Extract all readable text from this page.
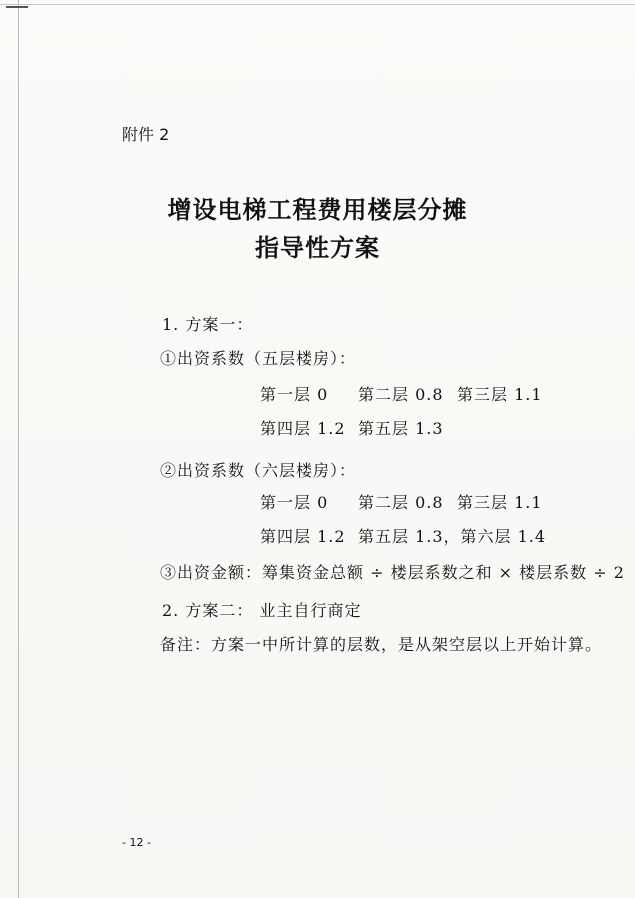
附件 2
增设电梯工程费用楼层分摊
指导性方案
1. 方案一：
①出资系数（五层楼房）：
第一层 0 第二层 0.8 第三层 1.1
第四层 1.2 第五层 1.3
②出资系数（六层楼房）：
第一层 0 第二层 0.8 第三层 1.1
第四层 1.2 第五层 1.3，第六层 1.4
③出资金额：筹集资金总额 ÷ 楼层系数之和 × 楼层系数 ÷ 2
2. 方案二： 业主自行商定
备注：方案一中所计算的层数，是从架空层以上开始计算。
- 12 -
